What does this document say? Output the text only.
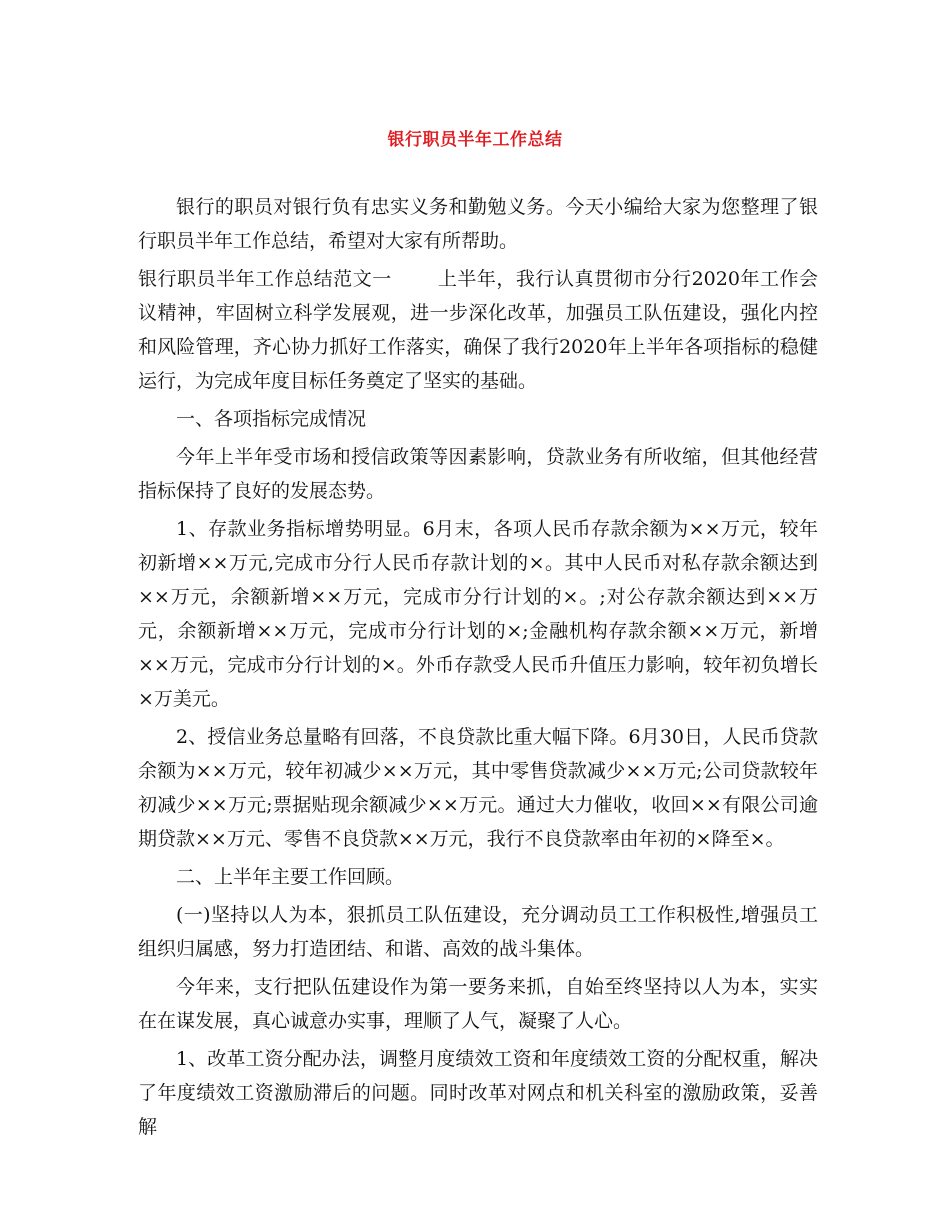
银行职员半年工作总结

银行的职员对银行负有忠实义务和勤勉义务。今天小编给大家为您整理了银行职员半年工作总结，希望对大家有所帮助。

银行职员半年工作总结范文一 上半年，我行认真贯彻市分行2020年工作会议精神，牢固树立科学发展观，进一步深化改革，加强员工队伍建设，强化内控和风险管理，齐心协力抓好工作落实，确保了我行2020年上半年各项指标的稳健运行，为完成年度目标任务奠定了坚实的基础。

一、各项指标完成情况

今年上半年受市场和授信政策等因素影响，贷款业务有所收缩，但其他经营指标保持了良好的发展态势。

1、存款业务指标增势明显。6月末，各项人民币存款余额为××万元，较年初新增××万元,完成市分行人民币存款计划的×。其中人民币对私存款余额达到××万元，余额新增××万元，完成市分行计划的×。;对公存款余额达到××万元，余额新增××万元，完成市分行计划的×;金融机构存款余额××万元，新增××万元，完成市分行计划的×。外币存款受人民币升值压力影响，较年初负增长×万美元。

2、授信业务总量略有回落，不良贷款比重大幅下降。6月30日，人民币贷款余额为××万元，较年初减少××万元，其中零售贷款减少××万元;公司贷款较年初减少××万元;票据贴现余额减少××万元。通过大力催收，收回××有限公司逾期贷款××万元、零售不良贷款××万元，我行不良贷款率由年初的×降至×。

二、上半年主要工作回顾。

(一)坚持以人为本，狠抓员工队伍建设，充分调动员工工作积极性,增强员工组织归属感，努力打造团结、和谐、高效的战斗集体。

今年来，支行把队伍建设作为第一要务来抓，自始至终坚持以人为本，实实在在谋发展，真心诚意办实事，理顺了人气，凝聚了人心。

1、改革工资分配办法，调整月度绩效工资和年度绩效工资的分配权重，解决了年度绩效工资激励滞后的问题。同时改革对网点和机关科室的激励政策，妥善解
